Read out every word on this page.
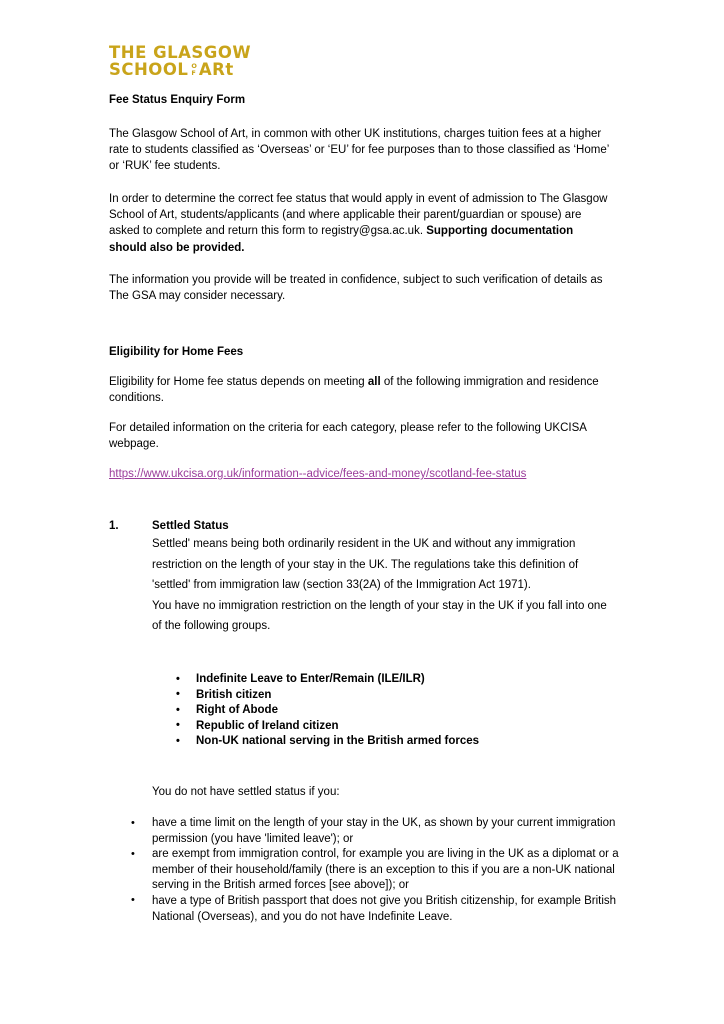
THE GLASGOW
SCHOOL O
F ARt
Fee Status Enquiry Form
The Glasgow School of Art, in common with other UK institutions, charges tuition fees at a higher rate to students classified as ‘Overseas’ or ‘EU’ for fee purposes than to those classified as ‘Home’ or ‘RUK’ fee students.
In order to determine the correct fee status that would apply in event of admission to The Glasgow School of Art, students/applicants (and where applicable their parent/guardian or spouse) are asked to complete and return this form to registry@gsa.ac.uk. Supporting documentation should also be provided.
The information you provide will be treated in confidence, subject to such verification of details as The GSA may consider necessary.
Eligibility for Home Fees
Eligibility for Home fee status depends on meeting all of the following immigration and residence conditions.
For detailed information on the criteria for each category, please refer to the following UKCISA webpage.
https://www.ukcisa.org.uk/information--advice/fees-and-money/scotland-fee-status
1.	Settled Status
Settled' means being both ordinarily resident in the UK and without any immigration restriction on the length of your stay in the UK. The regulations take this definition of 'settled' from immigration law (section 33(2A) of the Immigration Act 1971).
You have no immigration restriction on the length of your stay in the UK if you fall into one of the following groups.
• Indefinite Leave to Enter/Remain (ILE/ILR)
• British citizen
• Right of Abode
• Republic of Ireland citizen
• Non-UK national serving in the British armed forces
You do not have settled status if you:
• have a time limit on the length of your stay in the UK, as shown by your current immigration permission (you have 'limited leave'); or
• are exempt from immigration control, for example you are living in the UK as a diplomat or a member of their household/family (there is an exception to this if you are a non-UK national serving in the British armed forces [see above]); or
• have a type of British passport that does not give you British citizenship, for example British National (Overseas), and you do not have Indefinite Leave.
